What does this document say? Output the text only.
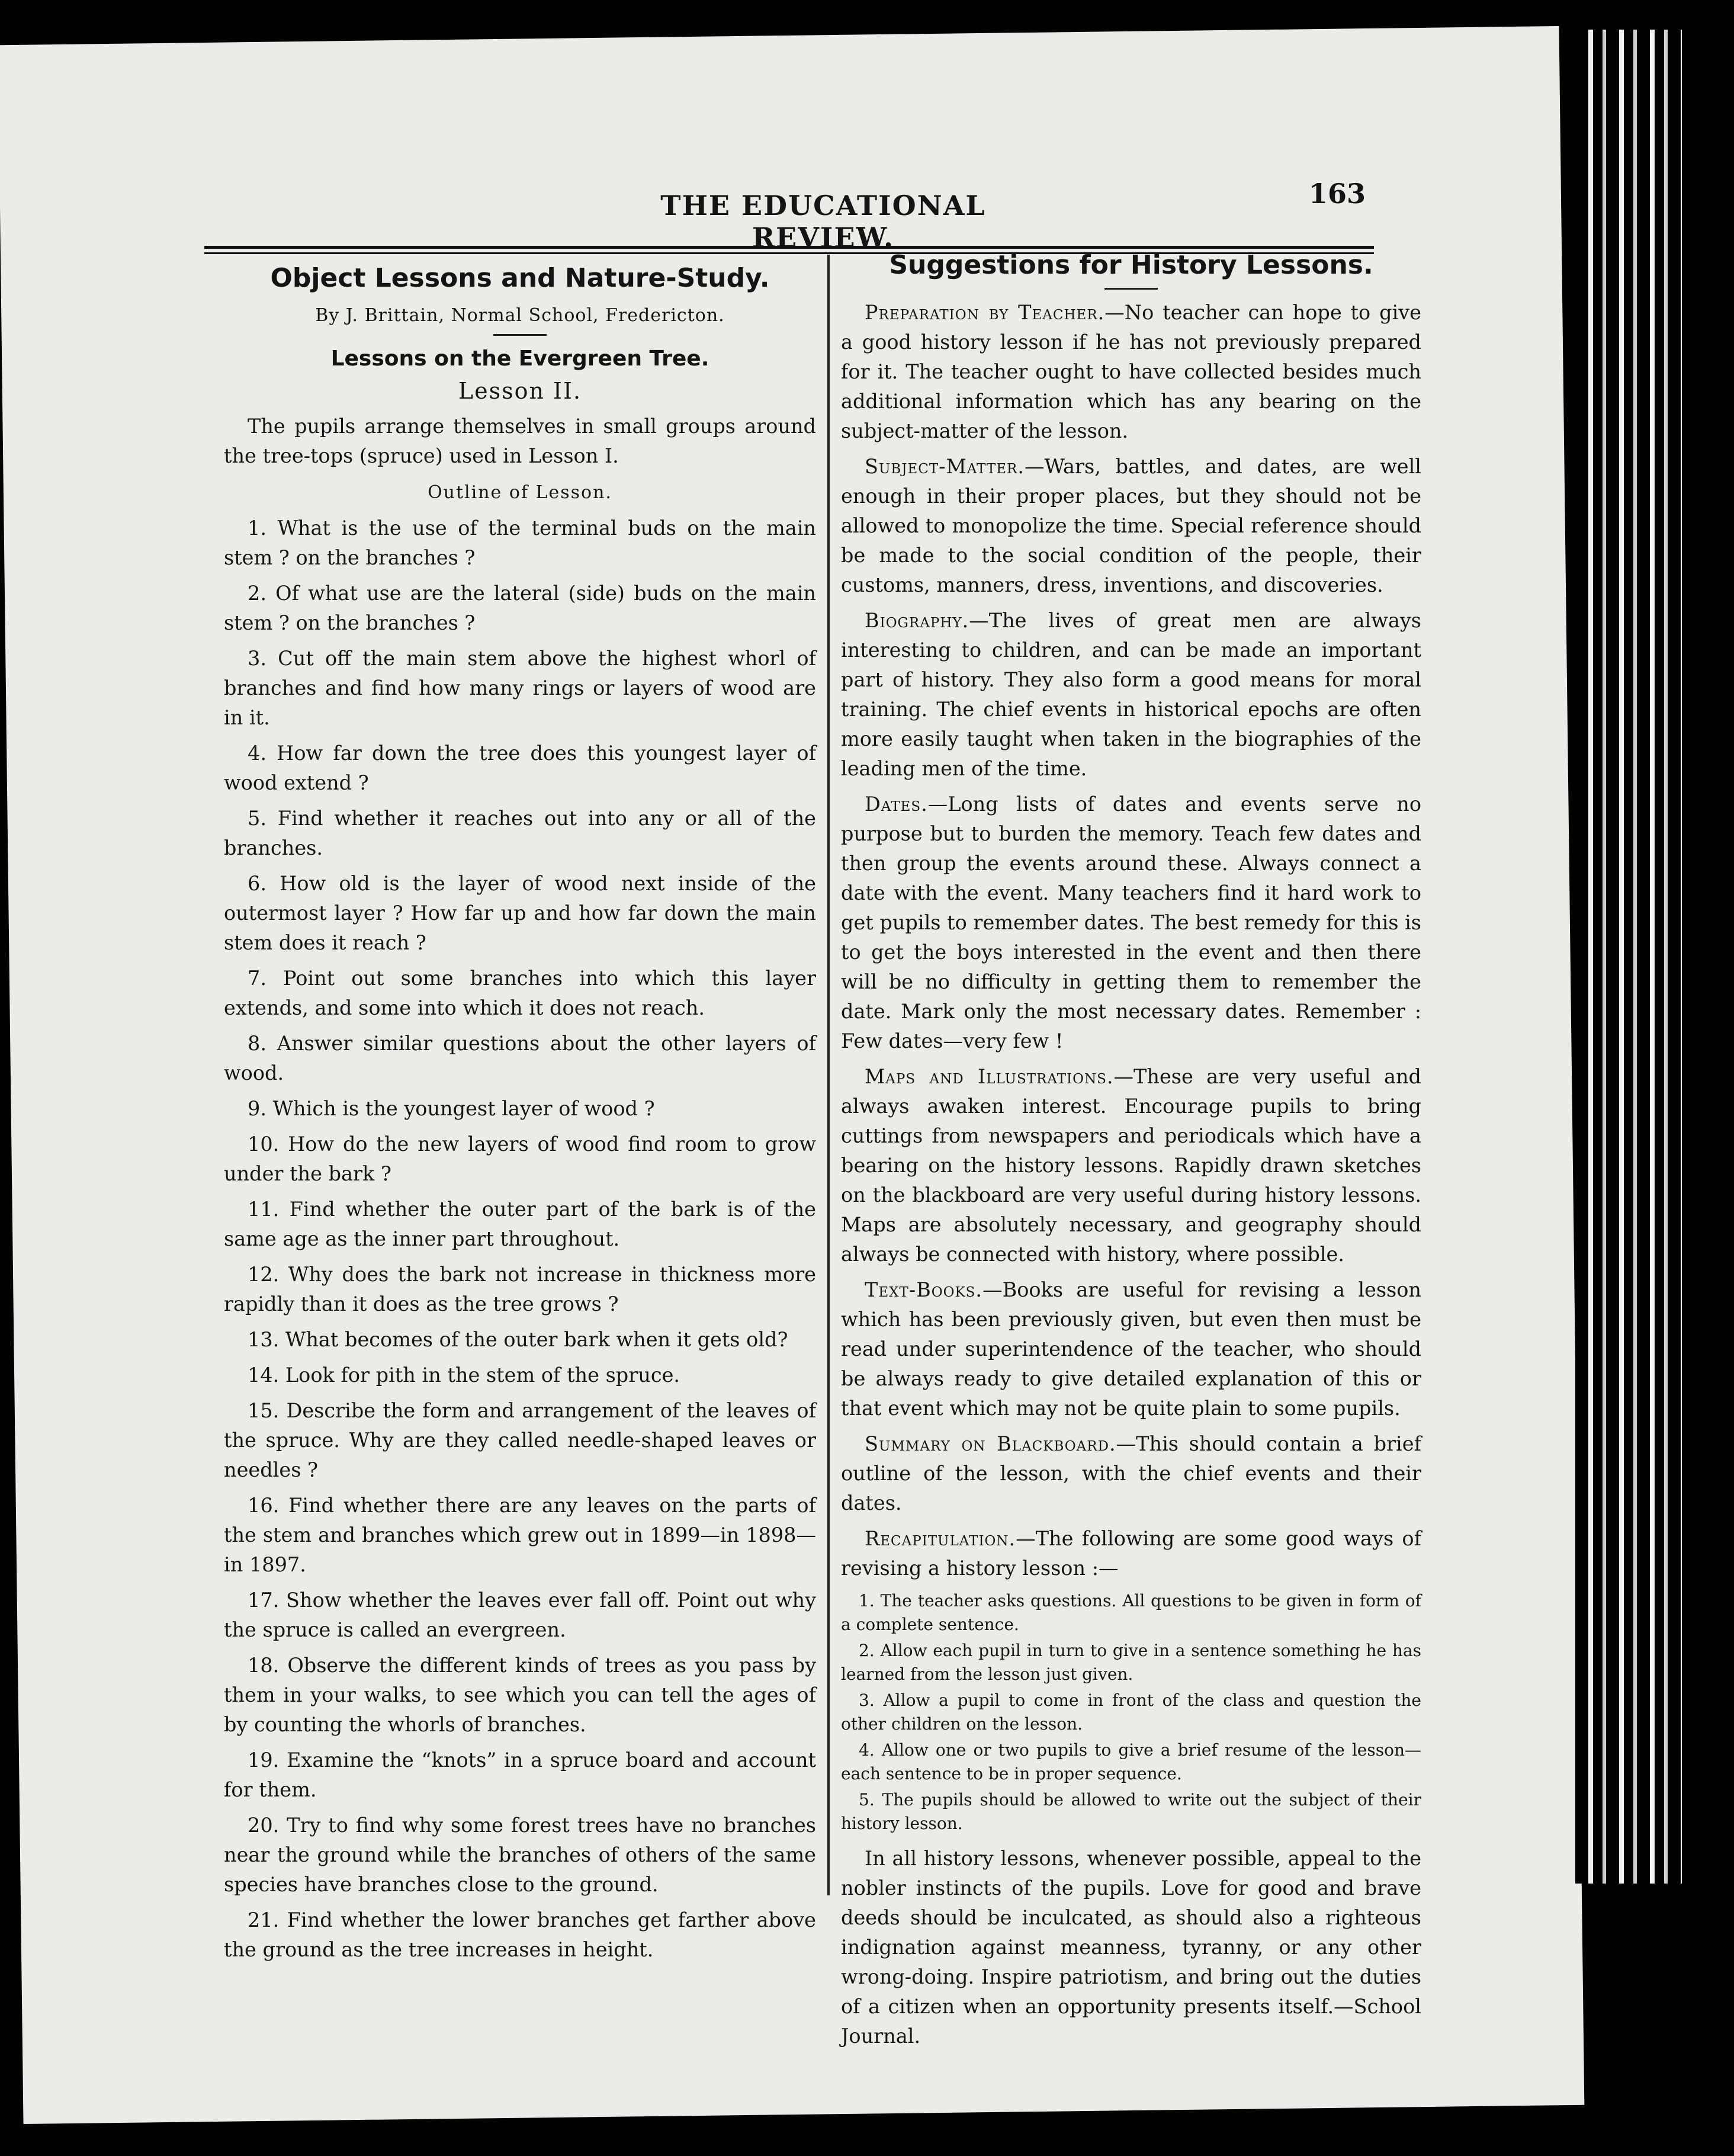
THE EDUCATIONAL REVIEW.
163
Object Lessons and Nature-Study.
By J. Brittain, Normal School, Fredericton.
Lessons on the Evergreen Tree.
Lesson II.

The pupils arrange themselves in small groups around the tree-tops (spruce) used in Lesson I.

Outline of Lesson.
1. What is the use of the terminal buds on the main stem ? on the branches ?
2. Of what use are the lateral (side) buds on the main stem ? on the branches ?
3. Cut off the main stem above the highest whorl of branches and find how many rings or layers of wood are in it.
4. How far down the tree does this youngest layer of wood extend ?
5. Find whether it reaches out into any or all of the branches.
6. How old is the layer of wood next inside of the outermost layer ? How far up and how far down the main stem does it reach ?
7. Point out some branches into which this layer extends, and some into which it does not reach.
8. Answer similar questions about the other layers of wood.
9. Which is the youngest layer of wood ?
10. How do the new layers of wood find room to grow under the bark ?
11. Find whether the outer part of the bark is of the same age as the inner part throughout.
12. Why does the bark not increase in thickness more rapidly than it does as the tree grows ?
13. What becomes of the outer bark when it gets old?
14. Look for pith in the stem of the spruce.
15. Describe the form and arrangement of the leaves of the spruce. Why are they called needle-shaped leaves or needles ?
16. Find whether there are any leaves on the parts of the stem and branches which grew out in 1899—in 1898— in 1897.
17. Show whether the leaves ever fall off. Point out why the spruce is called an evergreen.
18. Observe the different kinds of trees as you pass by them in your walks, to see which you can tell the ages of by counting the whorls of branches.
19. Examine the “knots” in a spruce board and account for them.
20. Try to find why some forest trees have no branches near the ground while the branches of others of the same species have branches close to the ground.
21. Find whether the lower branches get farther above the ground as the tree increases in height.
Suggestions for History Lessons.

Preparation by Teacher.—No teacher can hope to give a good history lesson if he has not previously prepared for it. The teacher ought to have collected besides much additional information which has any bearing on the subject-matter of the lesson.

Subject-Matter.—Wars, battles, and dates, are well enough in their proper places, but they should not be allowed to monopolize the time. Special reference should be made to the social condition of the people, their customs, manners, dress, inventions, and discoveries.

Biography.—The lives of great men are always interesting to children, and can be made an important part of history. They also form a good means for moral training. The chief events in historical epochs are often more easily taught when taken in the biographies of the leading men of the time.

Dates.—Long lists of dates and events serve no purpose but to burden the memory. Teach few dates and then group the events around these. Always connect a date with the event. Many teachers find it hard work to get pupils to remember dates. The best remedy for this is to get the boys interested in the event and then there will be no difficulty in getting them to remember the date. Mark only the most necessary dates. Remember : Few dates—very few !

Maps and Illustrations.—These are very useful and always awaken interest. Encourage pupils to bring cuttings from newspapers and periodicals which have a bearing on the history lessons. Rapidly drawn sketches on the blackboard are very useful during history lessons. Maps are absolutely necessary, and geography should always be connected with history, where possible.

Text-Books.—Books are useful for revising a lesson which has been previously given, but even then must be read under superintendence of the teacher, who should be always ready to give detailed explanation of this or that event which may not be quite plain to some pupils.

Summary on Blackboard.—This should contain a brief outline of the lesson, with the chief events and their dates.

Recapitulation.—The following are some good ways of revising a history lesson :—

1. The teacher asks questions. All questions to be given in form of a complete sentence.
2. Allow each pupil in turn to give in a sentence something he has learned from the lesson just given.
3. Allow a pupil to come in front of the class and question the other children on the lesson.
4. Allow one or two pupils to give a brief resume of the lesson—each sentence to be in proper sequence.
5. The pupils should be allowed to write out the subject of their history lesson.

In all history lessons, whenever possible, appeal to the nobler instincts of the pupils. Love for good and brave deeds should be inculcated, as should also a righteous indignation against meanness, tyranny, or any other wrong-doing. Inspire patriotism, and bring out the duties of a citizen when an opportunity presents itself.—School Journal.
